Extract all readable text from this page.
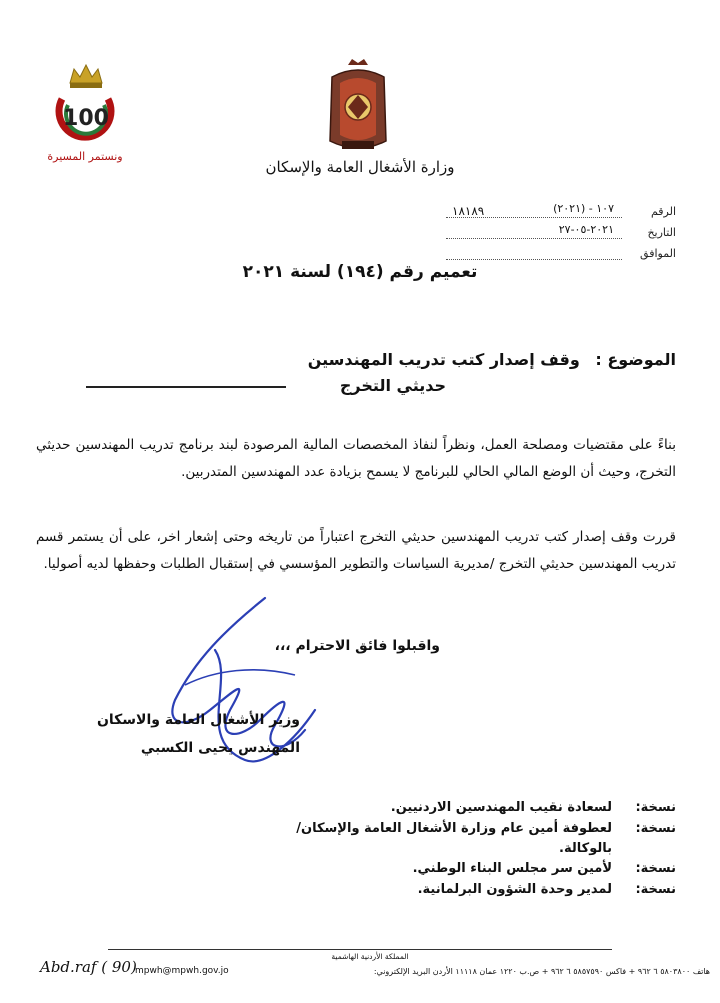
100
ونستمر المسيرة
وزارة الأشغال العامة والإسكان
الرقم
١٠٧ - (٢٠٢١)
التاريخ
٢٠٢١-٠٥-٢٧
الموافق
١٨١٨٩
تعميم رقم (١٩٤) لسنة ٢٠٢١
الموضوع : وقف إصدار كتب تدريب المهندسين
حديثي التخرج
بناءً على مقتضيات ومصلحة العمل، ونظراً لنفاذ المخصصات المالية المرصودة لبند برنامج تدريب المهندسين حديثي التخرج، وحيث أن الوضع المالي الحالي للبرنامج لا يسمح بزيادة عدد المهندسين المتدربين.
قررت وقف إصدار كتب تدريب المهندسين حديثي التخرج اعتباراً من تاريخه وحتى إشعار اخر، على أن يستمر قسم تدريب المهندسين حديثي التخرج /مديرية السياسات والتطوير المؤسسي في إستقبال الطلبات وحفظها لديه أصوليا.
واقبلوا فائق الاحترام ،،،
وزير الأشغال العامة والاسكان
المهندس يحيى الكسبي
نسخة:
لسعادة نقيب المهندسين الاردنيين.
نسخة:
لعطوفة أمين عام وزارة الأشغال العامة والإسكان/
بالوكالة.
نسخة:
لأمين سر مجلس البناء الوطني.
نسخة:
لمدير وحدة الشؤون البرلمانية.
المملكة الأردنية الهاشمية
هاتف ٥٨٠٣٨٠٠ ٦ ٩٦٢ + فاكس ٥٨٥٧٥٩٠ ٦ ٩٦٢ + ص.ب ١٢٢٠ عمان ١١١١٨ الأردن البريد الإلكتروني:
mpwh@mpwh.gov.jo
Abd.raf ( 90)
